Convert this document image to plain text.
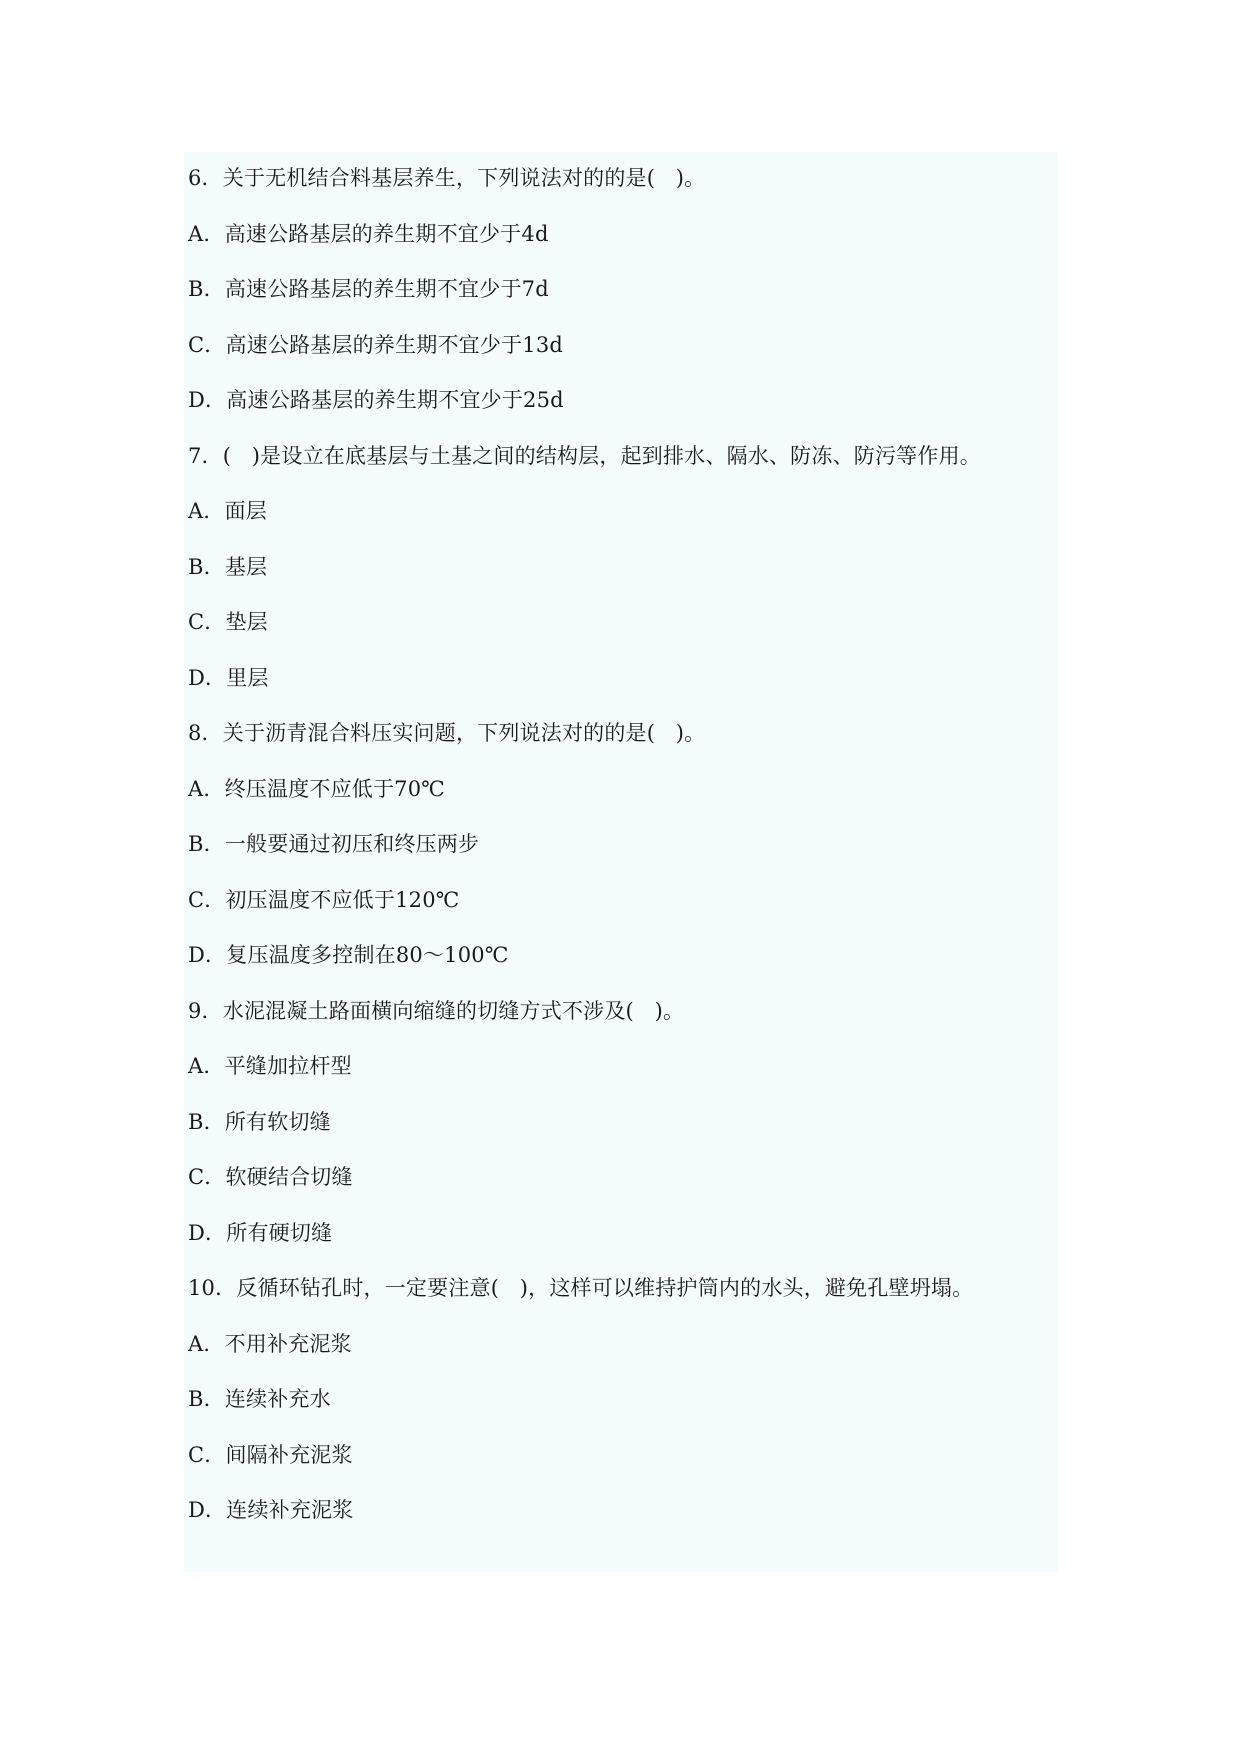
6．关于无机结合料基层养生，下列说法对的的是(   )。
A．高速公路基层的养生期不宜少于4d
B．高速公路基层的养生期不宜少于7d
C．高速公路基层的养生期不宜少于13d
D．高速公路基层的养生期不宜少于25d
7．(   )是设立在底基层与土基之间的结构层，起到排水、隔水、防冻、防污等作用。
A．面层
B．基层
C．垫层
D．里层
8．关于沥青混合料压实问题，下列说法对的的是(   )。
A．终压温度不应低于70℃
B．一般要通过初压和终压两步
C．初压温度不应低于120℃
D．复压温度多控制在80～100℃
9．水泥混凝土路面横向缩缝的切缝方式不涉及(   )。
A．平缝加拉杆型
B．所有软切缝
C．软硬结合切缝
D．所有硬切缝
10．反循环钻孔时，一定要注意(   )，这样可以维持护筒内的水头，避免孔壁坍塌。
A．不用补充泥浆
B．连续补充水
C．间隔补充泥浆
D．连续补充泥浆
